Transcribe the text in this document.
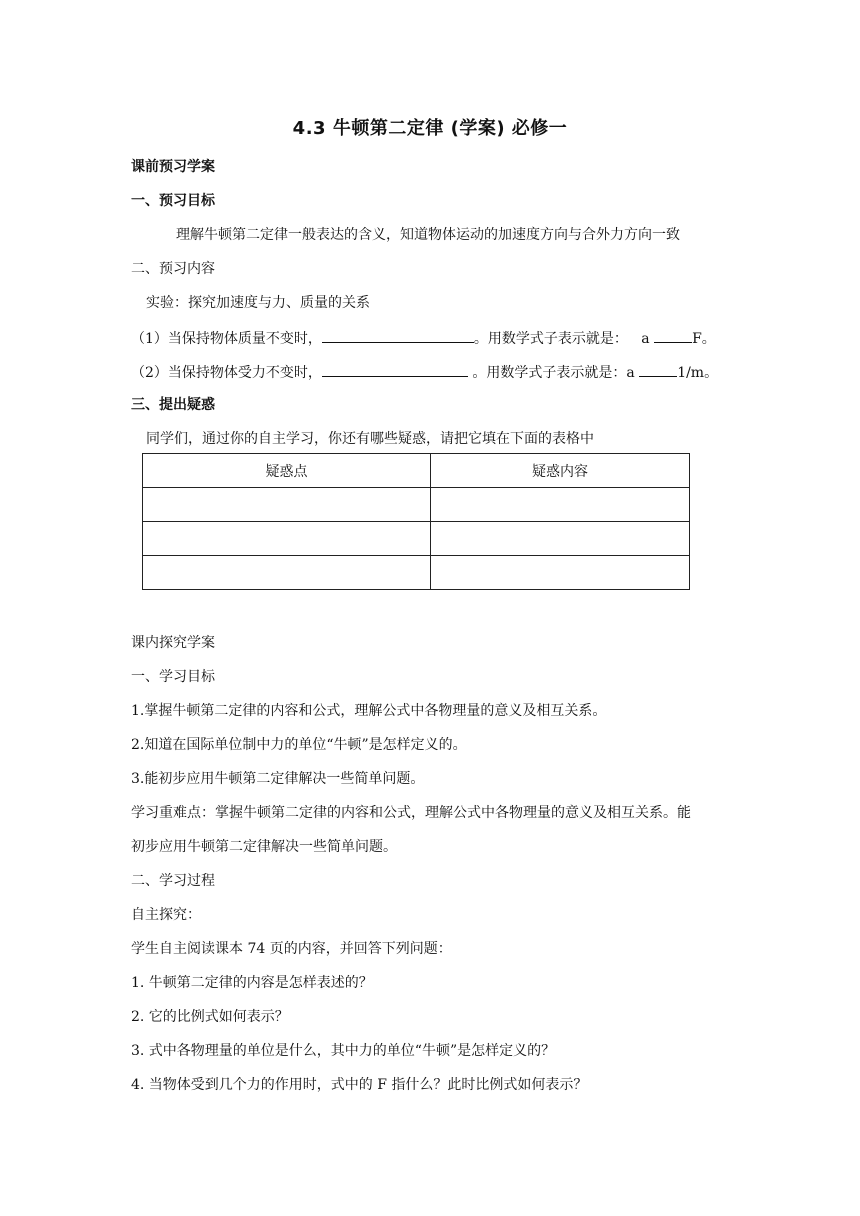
4.3 牛顿第二定律 (学案) 必修一
课前预习学案
一、预习目标
理解牛顿第二定律一般表达的含义，知道物体运动的加速度方向与合外力方向一致
二、预习内容
实验：探究加速度与力、质量的关系
（1）当保持物体质量不变时，	。用数学式子表示就是： a	F。
（2）当保持物体受力不变时，	。用数学式子表示就是：a	1/m。
三、提出疑惑
同学们，通过你的自主学习，你还有哪些疑惑，请把它填在下面的表格中
疑惑点	疑惑内容

课内探究学案
一、学习目标
1.掌握牛顿第二定律的内容和公式，理解公式中各物理量的意义及相互关系。
2.知道在国际单位制中力的单位“牛顿”是怎样定义的。
3.能初步应用牛顿第二定律解决一些简单问题。
学习重难点：掌握牛顿第二定律的内容和公式，理解公式中各物理量的意义及相互关系。能
初步应用牛顿第二定律解决一些简单问题。
二、学习过程
自主探究：
学生自主阅读课本 74 页的内容，并回答下列问题：
1. 牛顿第二定律的内容是怎样表述的？
2. 它的比例式如何表示？
3. 式中各物理量的单位是什么，其中力的单位“牛顿”是怎样定义的？
4. 当物体受到几个力的作用时，式中的 F 指什么？此时比例式如何表示？
